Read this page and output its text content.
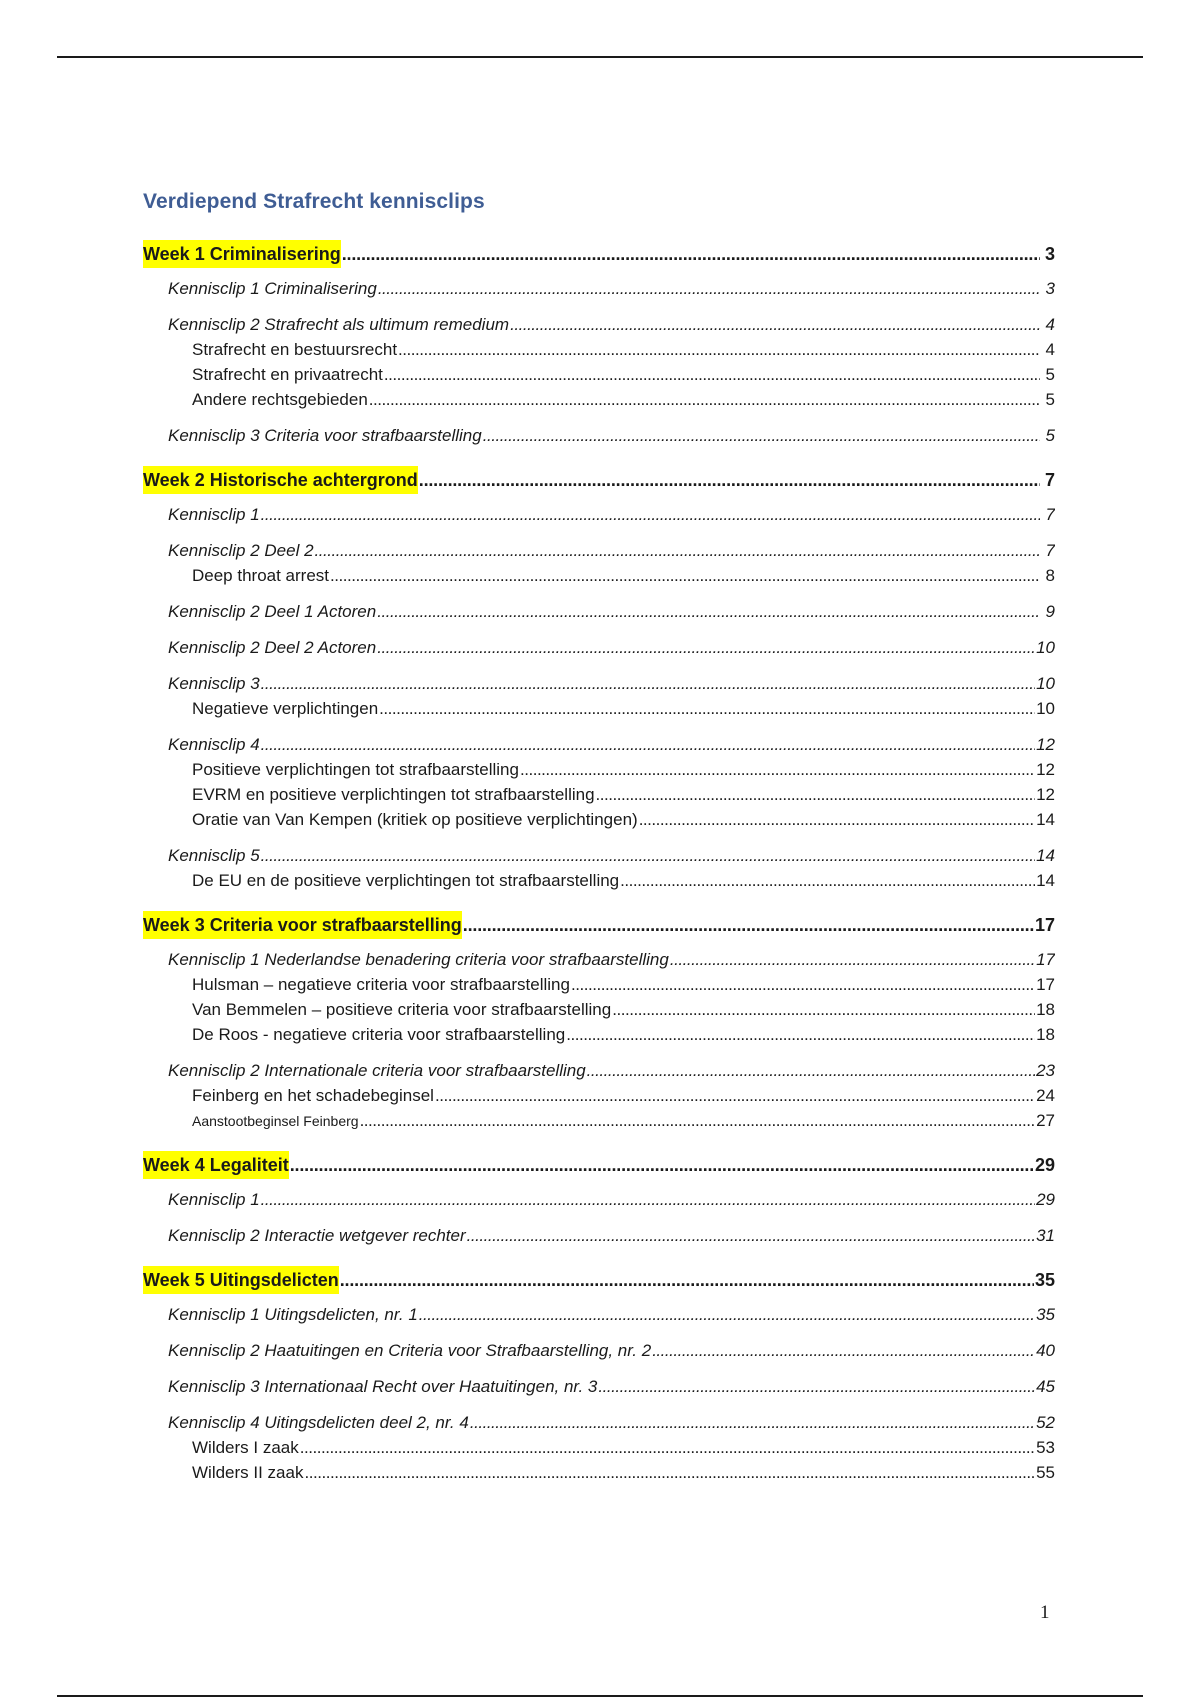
Verdiepend Strafrecht kennisclips
Week 1 Criminalisering . . .	3
Kennisclip 1 Criminalisering . . .	3
Kennisclip 2 Strafrecht als ultimum remedium . . .	4
Strafrecht en bestuursrecht . . .	4
Strafrecht en privaatrecht . . .	5
Andere rechtsgebieden . . .	5
Kennisclip 3 Criteria voor strafbaarstelling . . .	5
Week 2 Historische achtergrond . . .	7
Kennisclip 1 . . .	7
Kennisclip 2 Deel 2 . . .	7
Deep throat arrest . . .	8
Kennisclip 2 Deel 1 Actoren . . .	9
Kennisclip 2 Deel 2 Actoren . . .	10
Kennisclip 3 . . .	10
Negatieve verplichtingen . . .	10
Kennisclip 4 . . .	12
Positieve verplichtingen tot strafbaarstelling . . .	12
EVRM en positieve verplichtingen tot strafbaarstelling . . .	12
Oratie van Van Kempen (kritiek op positieve verplichtingen) . . .	14
Kennisclip 5 . . .	14
De EU en de positieve verplichtingen tot strafbaarstelling . . .	14
Week 3 Criteria voor strafbaarstelling . . .	17
Kennisclip 1 Nederlandse benadering criteria voor strafbaarstelling . . .	17
Hulsman – negatieve criteria voor strafbaarstelling . . .	17
Van Bemmelen – positieve criteria voor strafbaarstelling . . .	18
De Roos - negatieve criteria voor strafbaarstelling . . .	18
Kennisclip 2 Internationale criteria voor strafbaarstelling . . .	23
Feinberg en het schadebeginsel . . .	24
Aanstootbeginsel Feinberg . . .	27
Week 4 Legaliteit . . .	29
Kennisclip 1 . . .	29
Kennisclip 2 Interactie wetgever rechter . . .	31
Week 5 Uitingsdelicten . . .	35
Kennisclip 1 Uitingsdelicten, nr. 1 . . .	35
Kennisclip 2 Haatuitingen en Criteria voor Strafbaarstelling, nr. 2 . . .	40
Kennisclip 3 Internationaal Recht over Haatuitingen, nr. 3 . . .	45
Kennisclip 4 Uitingsdelicten deel 2, nr. 4 . . .	52
Wilders I zaak . . .	53
Wilders II zaak . . .	55
1
